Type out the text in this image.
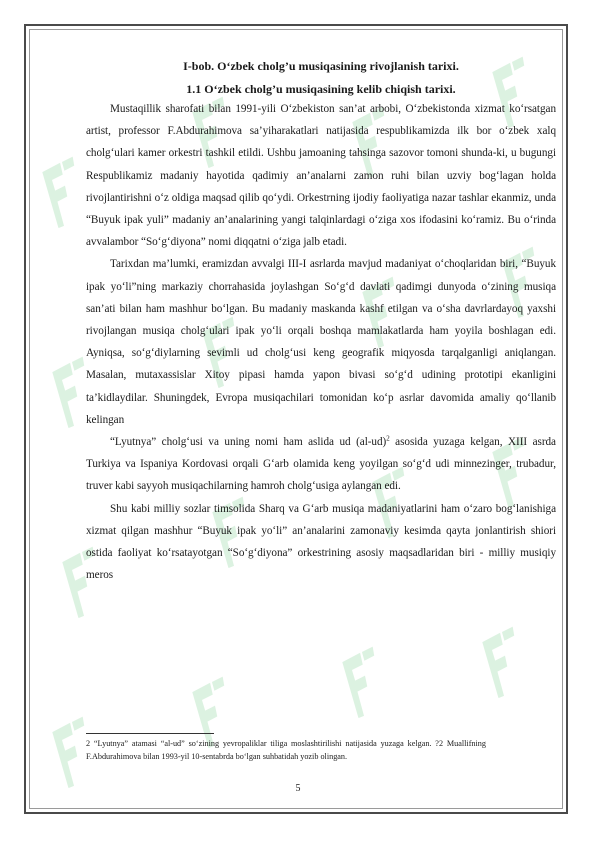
I-bob. O‘zbek cholg’u musiqasining rivojlanish tarixi.

1.1 O‘zbek cholg’u musiqasining kelib chiqish tarixi.

Mustaqillik sharofati bilan 1991-yili O‘zbekiston san’at arbobi, O‘zbekistonda xizmat ko‘rsatgan artist, professor F.Abdurahimova sa’yiharakatlari natijasida respublikamizda ilk bor o‘zbek xalq cholg‘ulari kamer orkestri tashkil etildi. Ushbu jamoaning tahsinga sazovor tomoni shunda-ki, u bugungi Respublikamiz madaniy hayotida qadimiy an’analarni zamon ruhi bilan uzviy bog‘lagan holda rivojlantirishni o‘z oldiga maqsad qilib qo‘ydi. Orkestrning ijodiy faoliyatiga nazar tashlar ekanmiz, unda “Buyuk ipak yuli” madaniy an’analarining yangi talqinlardagi o‘ziga xos ifodasini ko‘ramiz. Bu o‘rinda avvalambor “So‘g‘diyona” nomi diqqatni o‘ziga jalb etadi.

Tarixdan ma’lumki, eramizdan avvalgi III-I asrlarda mavjud madaniyat o‘choqlaridan biri, “Buyuk ipak yo‘li”ning markaziy chorrahasida joylashgan So‘g‘d davlati qadimgi dunyoda o‘zining musiqa san’ati bilan ham mashhur bo‘lgan. Bu madaniy maskanda kashf etilgan va o‘sha davrlardayoq yaxshi rivojlangan musiqa cholg‘ulari ipak yo‘li orqali boshqa mamlakatlarda ham yoyila boshlagan edi. Ayniqsa, so‘g‘diylarning sevimli ud cholg‘usi keng geografik miqyosda tarqalganligi aniqlangan. Masalan, mutaxassislar Xitoy pipasi hamda yapon bivasi so‘g‘d udining prototipi ekanligini ta’kidlaydilar. Shuningdek, Evropa musiqachilari tomonidan ko‘p asrlar davomida amaliy qo‘llanib kelingan

“Lyutnya” cholg‘usi va uning nomi ham aslida ud $(al-ud)^2$ asosida yuzaga kelgan, XIII asrda Turkiya va Ispaniya Kordovasi orqali G‘arb olamida keng yoyilgan so‘g‘d udi minnezinger, trubadur, truver kabi sayyoh musiqachilarning hamroh cholg‘usiga aylangan edi.

Shu kabi milliy sozlar timsolida Sharq va G‘arb musiqa madaniyatlarini ham o‘zaro bog‘lanishiga xizmat qilgan mashhur “Buyuk ipak yo‘li” an’analarini zamonaviy kesimda qayta jonlantirish shiori ostida faoliyat ko‘rsatayotgan “So‘g‘diyona” orkestrining asosiy maqsadlaridan biri - milliy musiqiy meros

2 “Lyutnya” atamasi “al-ud” so‘zining yevropaliklar tiliga moslashtirilishi natijasida yuzaga kelgan. ?2 Muallifning F.Abdurahimova bilan 1993-yil 10-sentabrda bo‘lgan suhbatidah yozib olingan.

5
